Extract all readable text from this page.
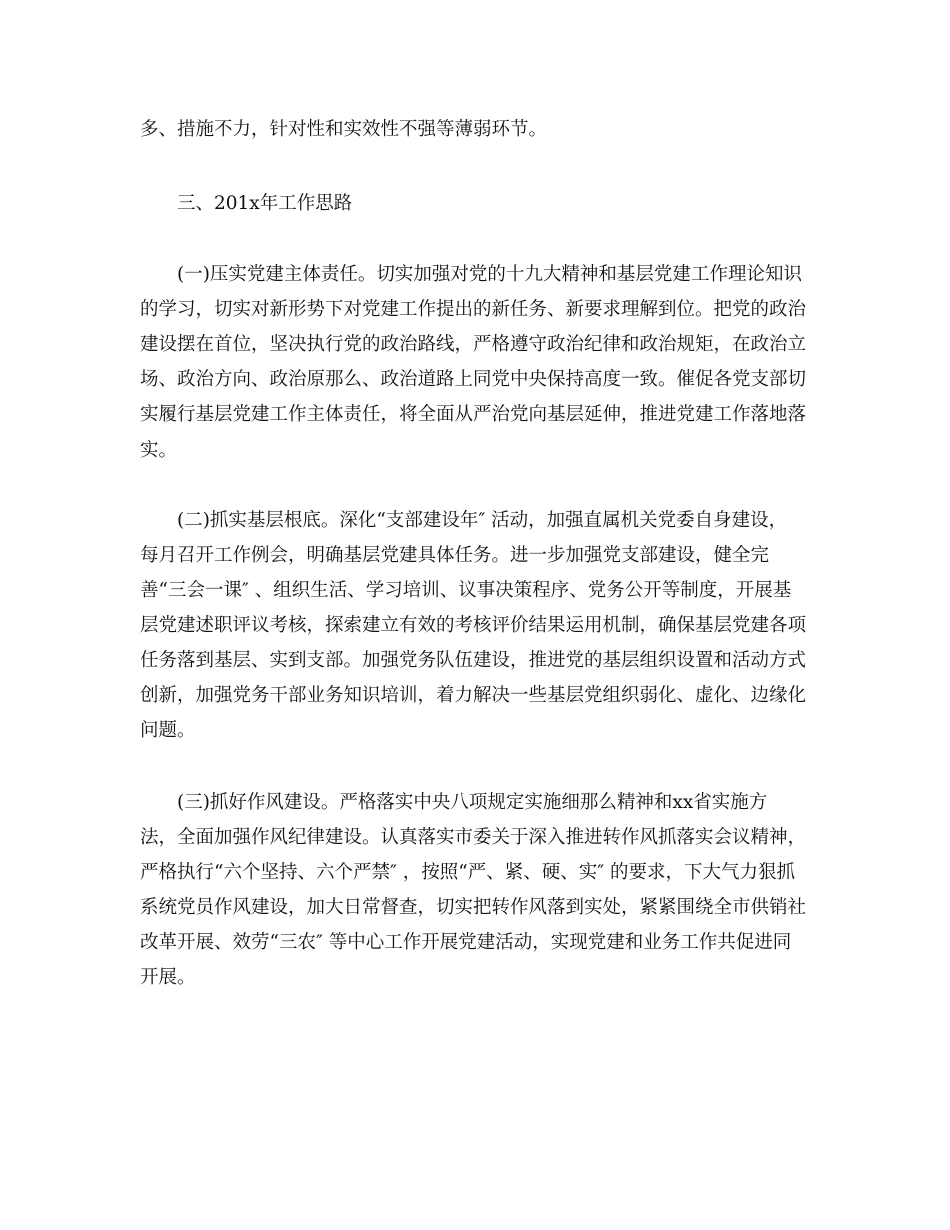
多、措施不力，针对性和实效性不强等薄弱环节。
三、201x年工作思路
(一)压实党建主体责任。切实加强对党的十九大精神和基层党建工作理论知识
的学习，切实对新形势下对党建工作提出的新任务、新要求理解到位。把党的政治
建设摆在首位，坚决执行党的政治路线，严格遵守政治纪律和政治规矩，在政治立
场、政治方向、政治原那么、政治道路上同党中央保持高度一致。催促各党支部切
实履行基层党建工作主体责任，将全面从严治党向基层延伸，推进党建工作落地落
实。
(二)抓实基层根底。深化“支部建设年″ 活动，加强直属机关党委自身建设，
每月召开工作例会，明确基层党建具体任务。进一步加强党支部建设，健全完
善“三会一课″ 、组织生活、学习培训、议事决策程序、党务公开等制度，开展基
层党建述职评议考核，探索建立有效的考核评价结果运用机制，确保基层党建各项
任务落到基层、实到支部。加强党务队伍建设，推进党的基层组织设置和活动方式
创新，加强党务干部业务知识培训，着力解决一些基层党组织弱化、虚化、边缘化
问题。
(三)抓好作风建设。严格落实中央八项规定实施细那么精神和xx省实施方
法，全面加强作风纪律建设。认真落实市委关于深入推进转作风抓落实会议精神，
严格执行“六个坚持、六个严禁″ ，按照“严、紧、硬、实″ 的要求，下大气力狠抓
系统党员作风建设，加大日常督查，切实把转作风落到实处，紧紧围绕全市供销社
改革开展、效劳“三农″ 等中心工作开展党建活动，实现党建和业务工作共促进同
开展。
